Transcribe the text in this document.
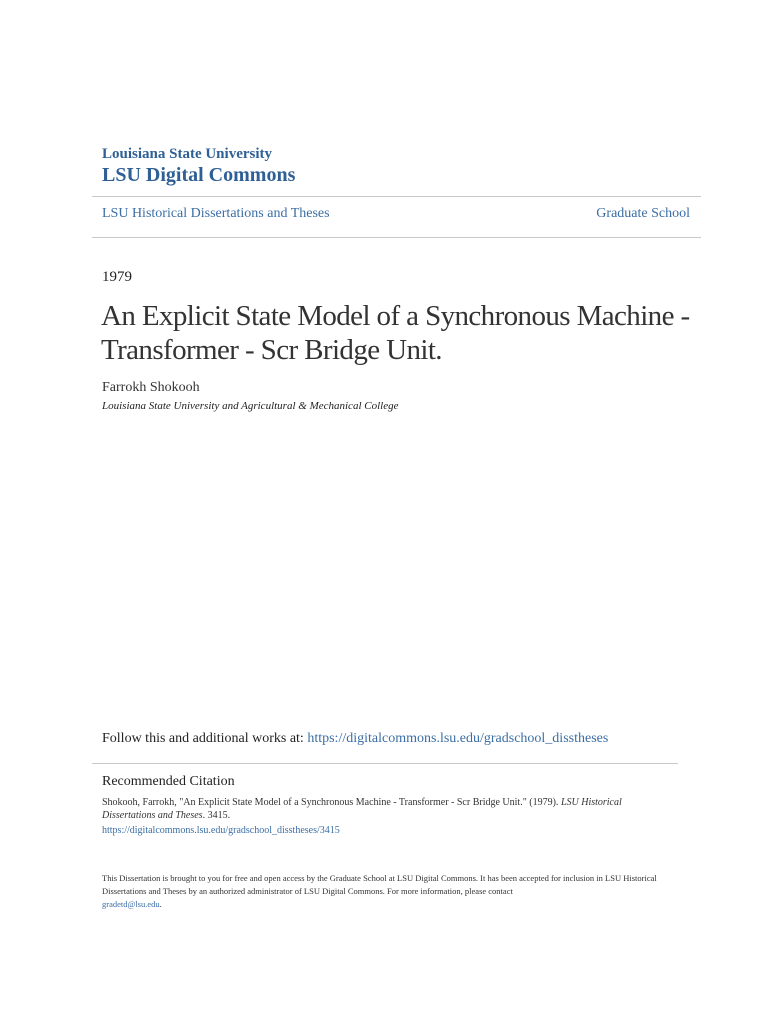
Louisiana State University
LSU Digital Commons
LSU Historical Dissertations and Theses	Graduate School
1979
An Explicit State Model of a Synchronous Machine - Transformer - Scr Bridge Unit.
Farrokh Shokooh
Louisiana State University and Agricultural & Mechanical College
Follow this and additional works at: https://digitalcommons.lsu.edu/gradschool_disstheses
Recommended Citation
Shokooh, Farrokh, "An Explicit State Model of a Synchronous Machine - Transformer - Scr Bridge Unit." (1979). LSU Historical Dissertations and Theses. 3415.
https://digitalcommons.lsu.edu/gradschool_disstheses/3415
This Dissertation is brought to you for free and open access by the Graduate School at LSU Digital Commons. It has been accepted for inclusion in LSU Historical Dissertations and Theses by an authorized administrator of LSU Digital Commons. For more information, please contact
gradetd@lsu.edu.
